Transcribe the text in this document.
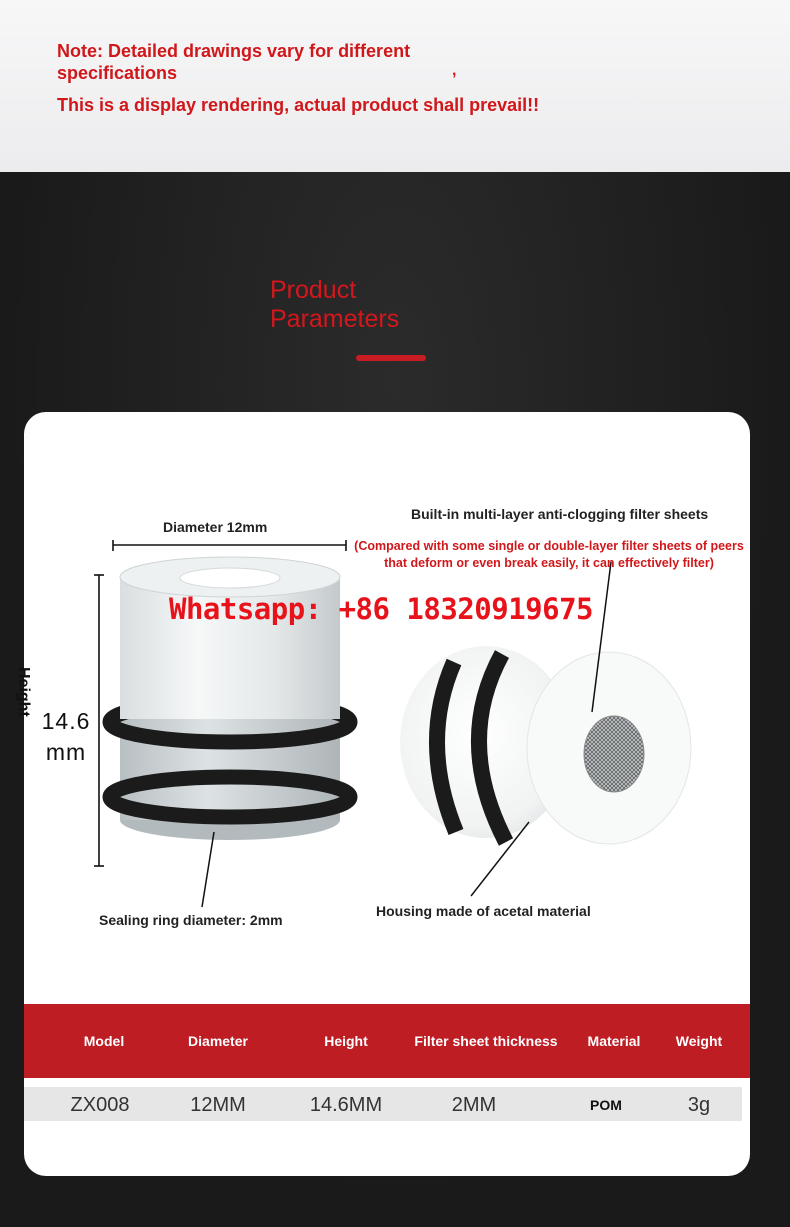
Note: Detailed drawings vary for different specifications	,
This is a display rendering, actual product shall prevail!!
Product Parameters
Diameter 12mm
Height
14.6 mm
Built-in multi-layer anti-clogging filter sheets
(Compared with some single or double-layer filter sheets of peers that deform or even break easily, it can effectively filter)
Whatsapp: +86 18320919675
Sealing ring diameter: 2mm
Housing made of acetal material
Model	Diameter	Height	Filter sheet thickness	Material	Weight
ZX008	12MM	14.6MM	2MM	POM	3g
